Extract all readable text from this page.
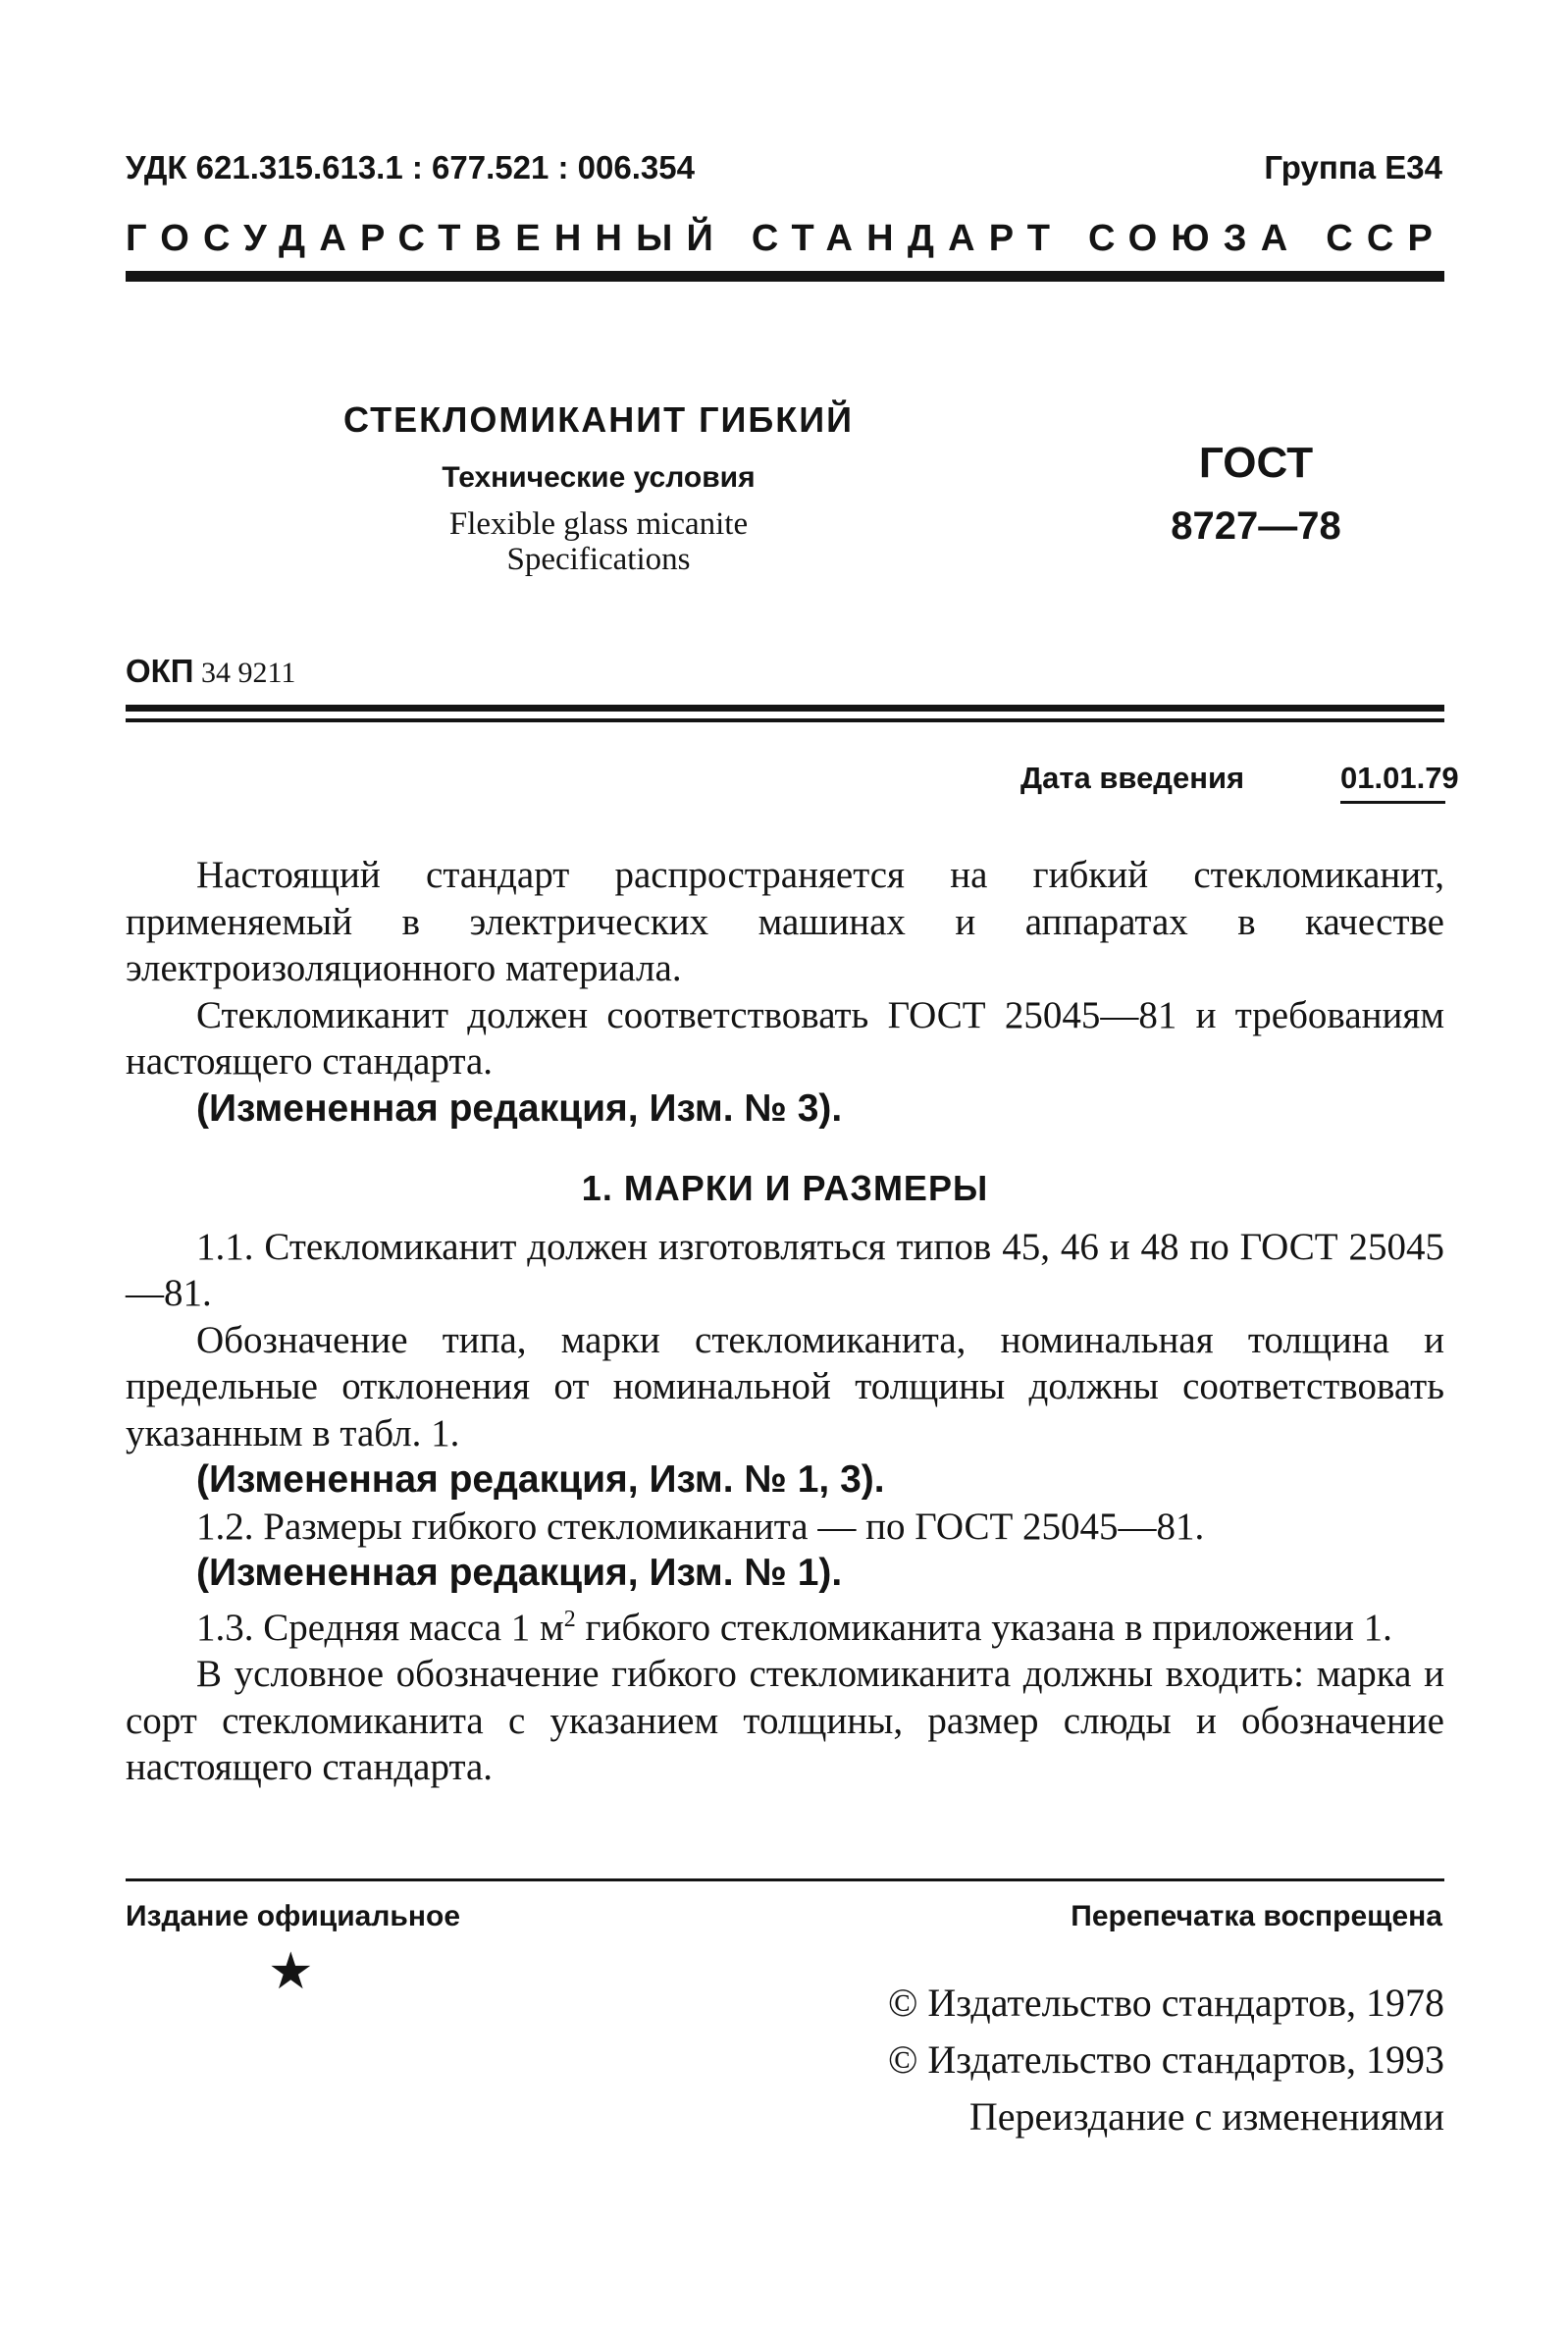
УДК 621.315.613.1 : 677.521 : 006.354	Группа Е34
ГОСУДАРСТВЕННЫЙ СТАНДАРТ СОЮЗА ССР
СТЕКЛОМИКАНИТ ГИБКИЙ
Технические условия
Flexible glass micanite
Specifications
ГОСТ
8727—78
ОКП 34 9211
Дата введения	01.01.79

Настоящий стандарт распространяется на гибкий стекломиканит, применяемый в электрических машинах и аппаратах в качестве электроизоляционного материала.

Стекломиканит должен соответствовать ГОСТ 25045—81 и требованиям настоящего стандарта.

(Измененная редакция, Изм. № 3).

1. МАРКИ И РАЗМЕРЫ

1.1. Стекломиканит должен изготовляться типов 45, 46 и 48 по ГОСТ 25045—81.

Обозначение типа, марки стекломиканита, номинальная толщина и предельные отклонения от номинальной толщины должны соответствовать указанным в табл. 1.

(Измененная редакция, Изм. № 1, 3).

1.2. Размеры гибкого стекломиканита — по ГОСТ 25045—81.

(Измененная редакция, Изм. № 1).

1.3. Средняя масса 1 $м^2$ гибкого стекломиканита указана в приложении 1.

В условное обозначение гибкого стекломиканита должны входить: марка и сорт стекломиканита с указанием толщины, размер слюды и обозначение настоящего стандарта.

Издание официальное	Перепечатка воспрещена
★

© Издательство стандартов, 1978

© Издательство стандартов, 1993

Переиздание с изменениями
